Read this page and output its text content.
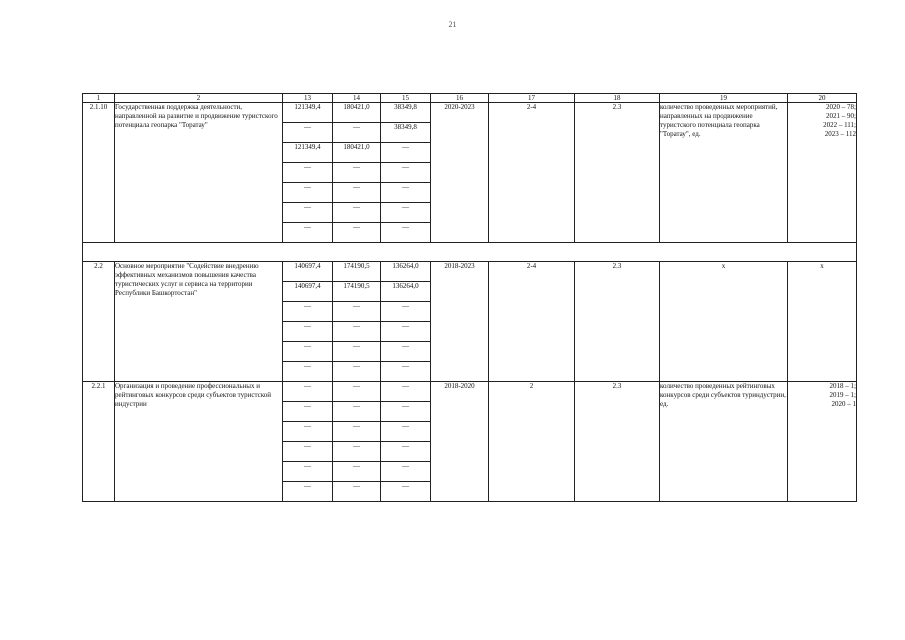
21
1	2	13	14	15	16	17	18	19	20
2.1.10	Государственная поддержка деятельности, направленной на развитие и продвижение туристского потенциала геопарка "Торатау"	121349,4	180421,0	38349,8	2020-2023	2-4	2.3	количество проведенных мероприятий, направленных на продвижение туристского потенциала геопарка "Торатау", ед.	2020 – 78;
2021 – 90;
2022 – 111;
2023 – 112

		—	—	38349,8					
		121349,4	180421,0	—					
		—	—	—					
		—	—	—					
		—	—	—					
		—	—	—					

2.2	Основное мероприятие "Содействие внедрению эффективных механизмов повышения качества туристических услуг и сервиса на территории Республики Башкортостан"	140697,4	174190,5	136264,0	2018-2023	2-4	2.3	х	х

		140697,4	174190,5	136264,0					
		—	—	—					
		—	—	—					
		—	—	—					
		—	—	—					
2.2.1	Организация и проведение профессиональных и рейтинговых конкурсов среди субъектов туристской индустрии	—	—	—	2018-2020	2	2.3	количество проведенных рейтинговых конкурсов среди субъектов туриндустрии, ед.	2018 – 1;
2019 – 1;
2020 – 1

		—	—	—					
		—	—	—					
		—	—	—					
		—	—	—					
		—	—	—					
